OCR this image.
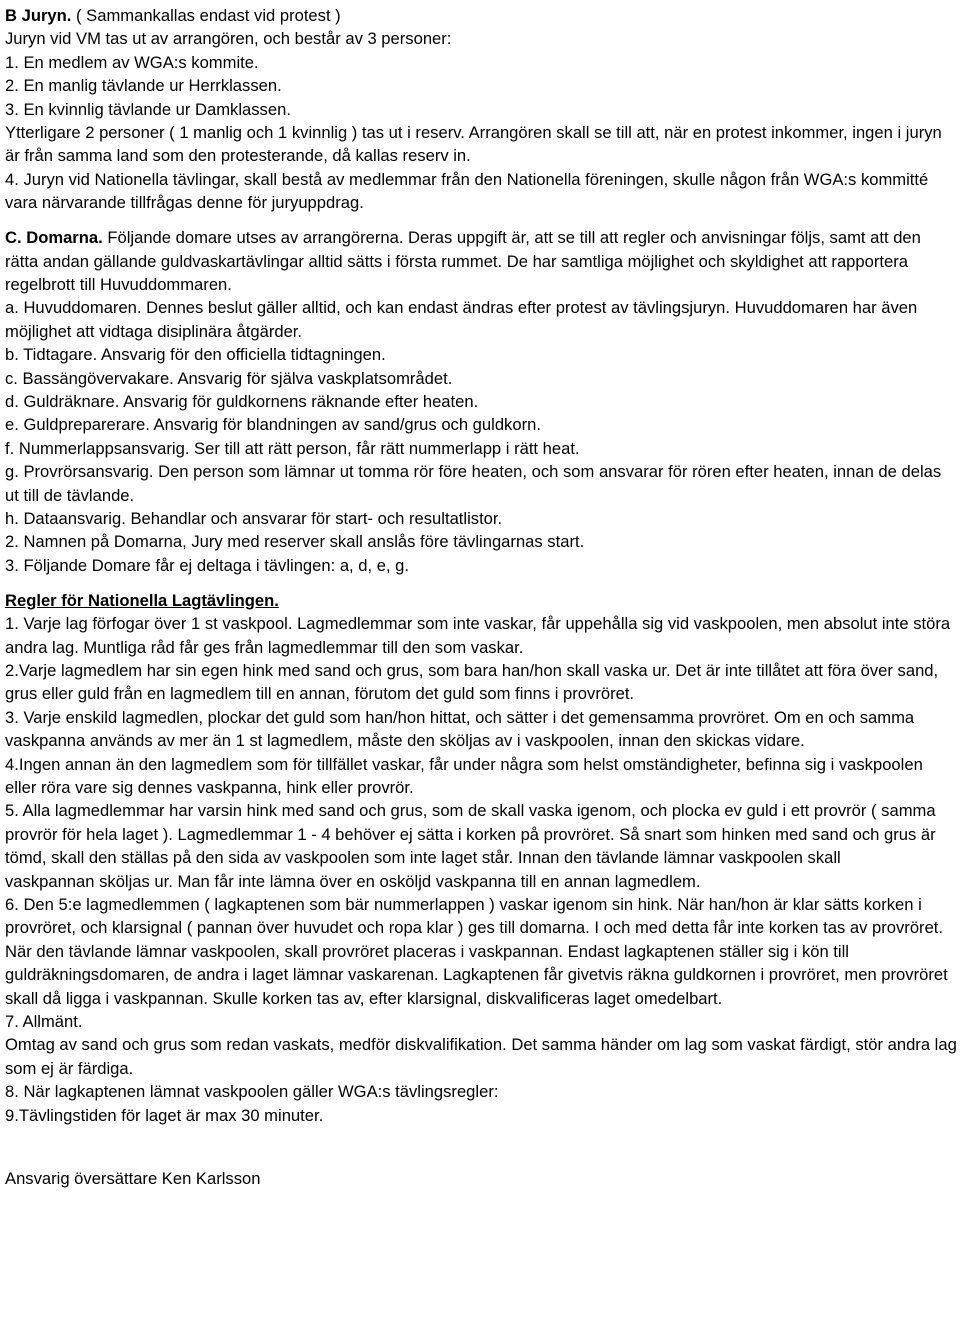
B Juryn. ( Sammankallas endast vid protest )
Juryn vid VM tas ut av arrangören, och består av 3 personer:
1. En medlem av WGA:s kommite.
2. En manlig tävlande ur Herrklassen.
3. En kvinnlig tävlande ur Damklassen.
Ytterligare 2 personer ( 1 manlig och 1 kvinnlig ) tas ut i reserv. Arrangören skall se till att, när en protest inkommer, ingen i juryn är från samma land som den protesterande, då kallas reserv in.
4. Juryn vid Nationella tävlingar, skall bestå av medlemmar från den Nationella föreningen, skulle någon från WGA:s kommitté vara närvarande tillfrågas denne för juryuppdrag.
C. Domarna. Följande domare utses av arrangörerna. Deras uppgift är, att se till att regler och anvisningar följs, samt att den rätta andan gällande guldvaskartävlingar alltid sätts i första rummet. De har samtliga möjlighet och skyldighet att rapportera regelbrott till Huvuddommaren.
a. Huvuddomaren. Dennes beslut gäller alltid, och kan endast ändras efter protest av tävlingsjuryn. Huvuddomaren har även möjlighet att vidtaga disiplinära åtgärder.
b. Tidtagare. Ansvarig för den officiella tidtagningen.
c. Bassängövervakare. Ansvarig för själva vaskplatsområdet.
d. Guldräknare. Ansvarig för guldkornens räknande efter heaten.
e. Guldpreparerare. Ansvarig för blandningen av sand/grus och guldkorn.
f. Nummerlappsansvarig. Ser till att rätt person, får rätt nummerlapp i rätt heat.
g. Provrörsansvarig. Den person som lämnar ut tomma rör före heaten, och som ansvarar för rören efter heaten, innan de delas ut till de tävlande.
h. Dataansvarig. Behandlar och ansvarar för start- och resultatlistor.
2. Namnen på Domarna, Jury med reserver skall anslås före tävlingarnas start.
3. Följande Domare får ej deltaga i tävlingen: a, d, e, g.
Regler för Nationella Lagtävlingen.
1. Varje lag förfogar över 1 st vaskpool. Lagmedlemmar som inte vaskar, får uppehålla sig vid vaskpoolen, men absolut inte störa andra lag. Muntliga råd får ges från lagmedlemmar till den som vaskar.
2.Varje lagmedlem har sin egen hink med sand och grus, som bara han/hon skall vaska ur. Det är inte tillåtet att föra över sand, grus eller guld från en lagmedlem till en annan, förutom det guld som finns i provröret.
3. Varje enskild lagmedlen, plockar det guld som han/hon hittat, och sätter i det gemensamma provröret. Om en och samma vaskpanna används av mer än 1 st lagmedlem, måste den sköljas av i vaskpoolen, innan den skickas vidare.
4.Ingen annan än den lagmedlem som för tillfället vaskar, får under några som helst omständigheter, befinna sig i vaskpoolen eller röra vare sig dennes vaskpanna, hink eller provrör.
5. Alla lagmedlemmar har varsin hink med sand och grus, som de skall vaska igenom, och plocka ev guld i ett provrör ( samma provrör för hela laget ). Lagmedlemmar 1 - 4 behöver ej sätta i korken på provröret. Så snart som hinken med sand och grus är tömd, skall den ställas på den sida av vaskpoolen som inte laget står. Innan den tävlande lämnar vaskpoolen skall
vaskpannan sköljas ur. Man får inte lämna över en osköljd vaskpanna till en annan lagmedlem.
6. Den 5:e lagmedlemmen ( lagkaptenen som bär nummerlappen ) vaskar igenom sin hink. När han/hon är klar sätts korken i provröret, och klarsignal ( pannan över huvudet och ropa klar ) ges till domarna. I och med detta får inte korken tas av provröret. När den tävlande lämnar vaskpoolen, skall provröret placeras i vaskpannan. Endast lagkaptenen ställer sig i kön till guldräkningsdomaren, de andra i laget lämnar vaskarenan. Lagkaptenen får givetvis räkna guldkornen i provröret, men provröret skall då ligga i vaskpannan. Skulle korken tas av, efter klarsignal, diskvalificeras laget omedelbart.
7. Allmänt.
Omtag av sand och grus som redan vaskats, medför diskvalifikation. Det samma händer om lag som vaskat färdigt, stör andra lag som ej är färdiga.
8. När lagkaptenen lämnat vaskpoolen gäller WGA:s tävlingsregler:
9.Tävlingstiden för laget är max 30 minuter.
Ansvarig översättare Ken Karlsson
